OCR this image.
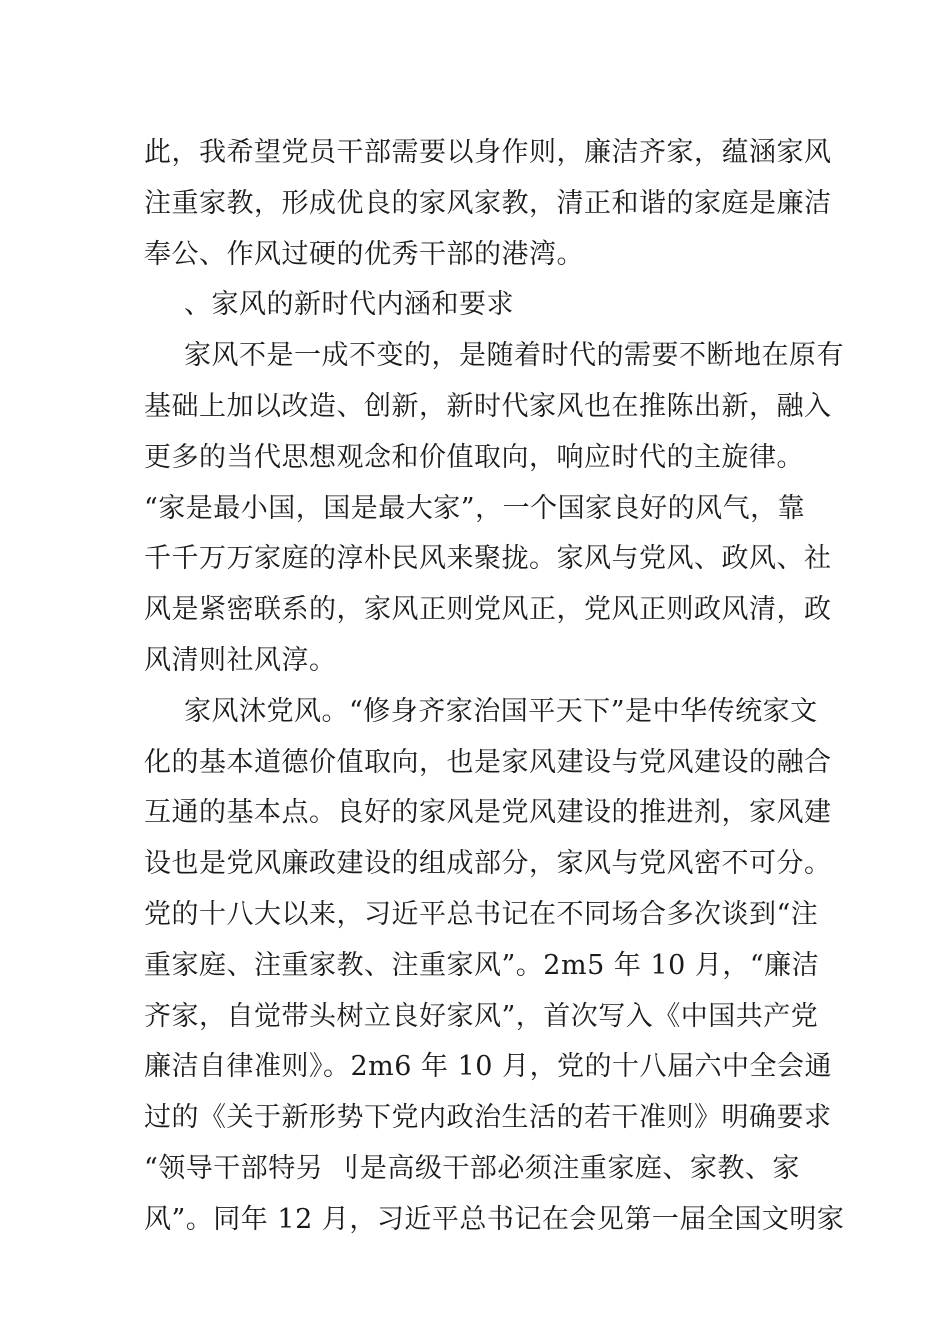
此，我希望党员干部需要以身作则，廉洁齐家，蕴涵家风
注重家教，形成优良的家风家教，清正和谐的家庭是廉洁
奉公、作风过硬的优秀干部的港湾。
、家风的新时代内涵和要求
家风不是一成不变的，是随着时代的需要不断地在原有
基础上加以改造、创新，新时代家风也在推陈出新，融入
更多的当代思想观念和价值取向，响应时代的主旋律。
“家是最小国，国是最大家”，一个国家良好的风气，靠
千千万万家庭的淳朴民风来聚拢。家风与党风、政风、社
风是紧密联系的，家风正则党风正，党风正则政风清，政
风清则社风淳。
家风沐党风。“修身齐家治国平天下”是中华传统家文
化的基本道德价值取向，也是家风建设与党风建设的融合
互通的基本点。良好的家风是党风建设的推进剂，家风建
设也是党风廉政建设的组成部分，家风与党风密不可分。
党的十八大以来，习近平总书记在不同场合多次谈到“注
重家庭、注重家教、注重家风”。2m5 年 10 月，“廉洁
齐家，自觉带头树立良好家风”，首次写入《中国共产党
廉洁自律准则》。2m6 年 10 月，党的十八届六中全会通
过的《关于新形势下党内政治生活的若干准则》明确要求
“领导干部特另 刂是高级干部必须注重家庭、家教、家
风”。同年 12 月，习近平总书记在会见第一届全国文明家
